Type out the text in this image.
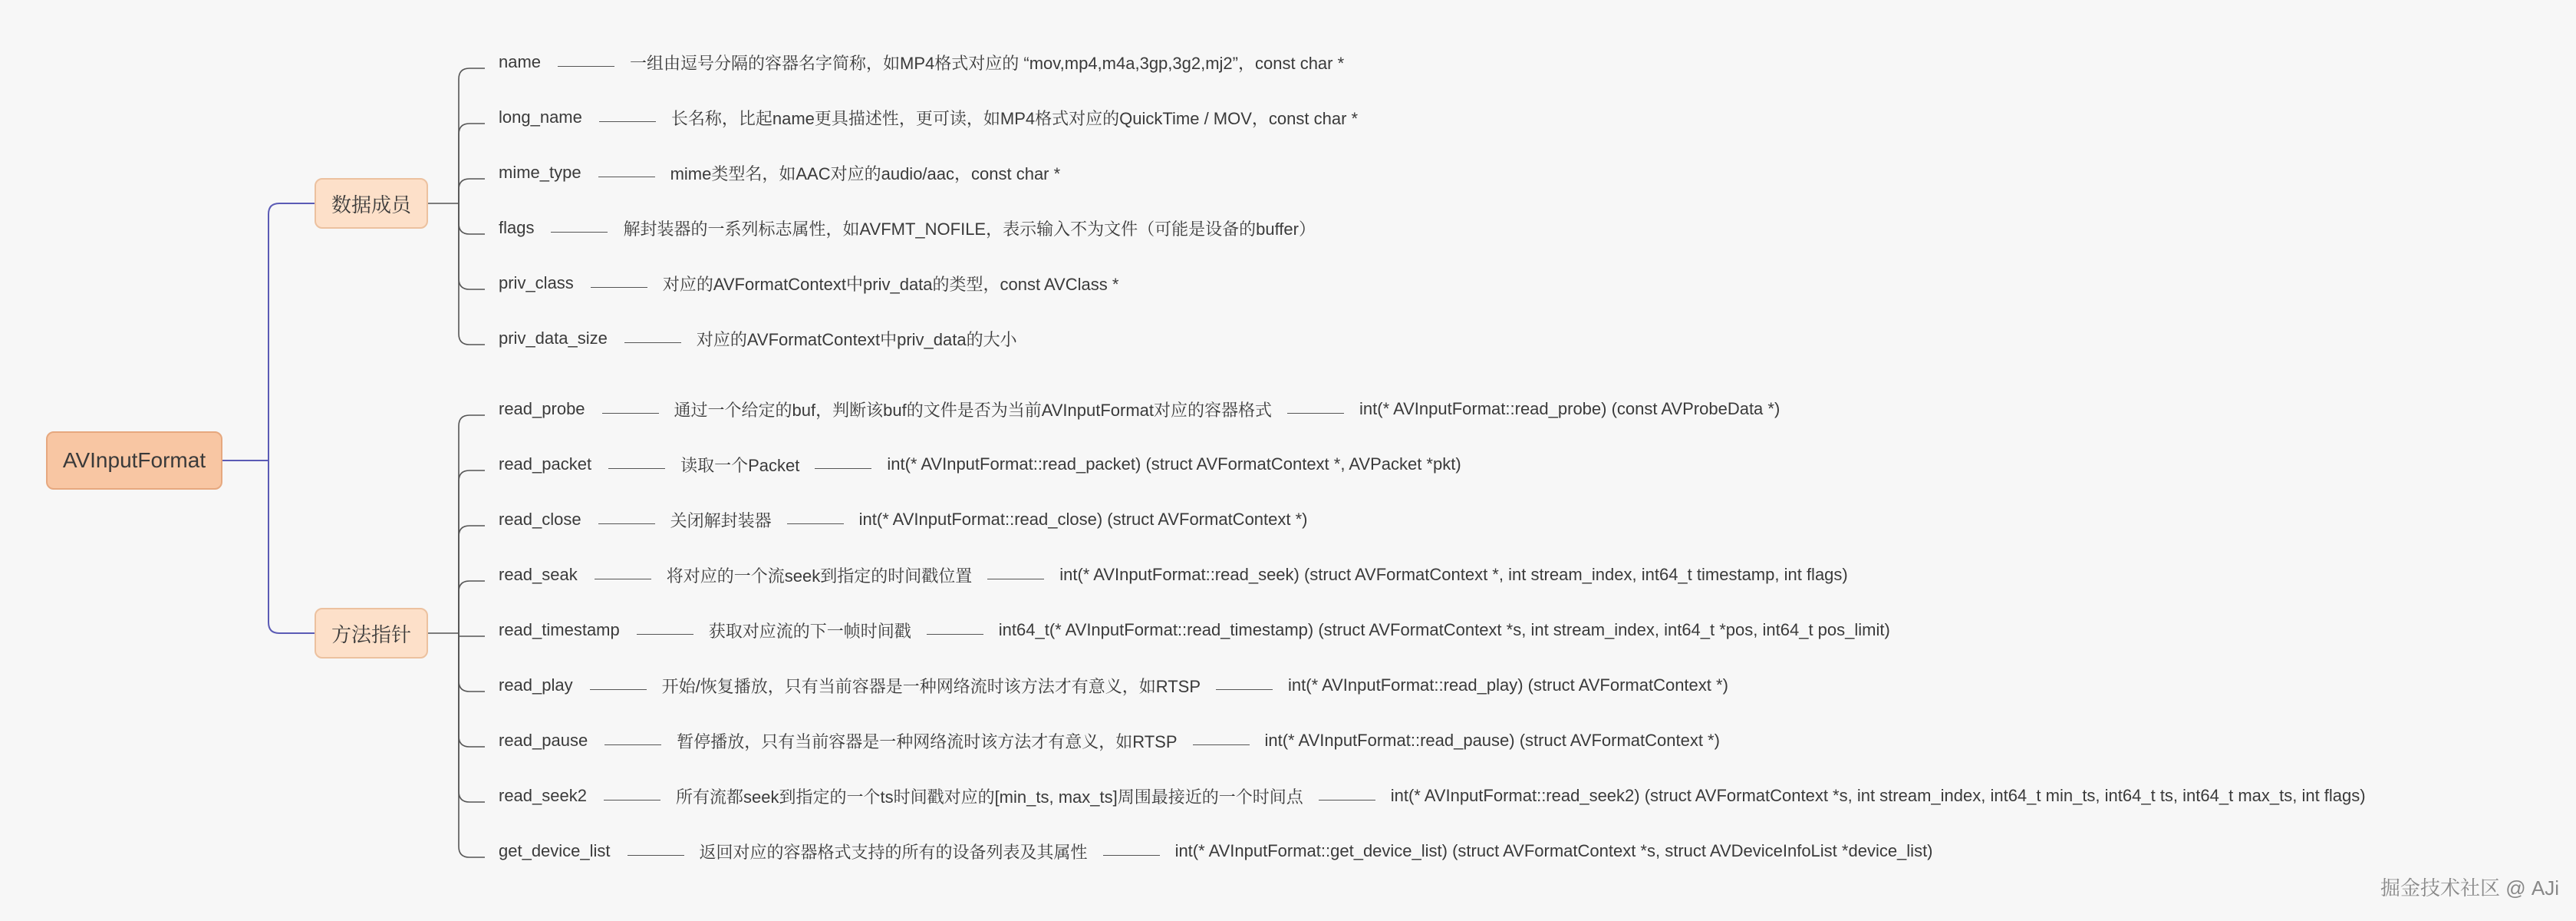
AVInputFormat
数据成员
方法指针
name	一组由逗号分隔的容器名字简称，如MP4格式对应的 “mov,mp4,m4a,3gp,3g2,mj2”，const char *
long_name	长名称，比起name更具描述性，更可读，如MP4格式对应的QuickTime / MOV，const char *
mime_type	mime类型名，如AAC对应的audio/aac，const char *
flags	解封装器的一系列标志属性，如AVFMT_NOFILE，表示输入不为文件（可能是设备的buffer）
priv_class	对应的AVFormatContext中priv_data的类型，const AVClass *
priv_data_size	对应的AVFormatContext中priv_data的大小
read_probe	通过一个给定的buf，判断该buf的文件是否为当前AVInputFormat对应的容器格式	int(* AVInputFormat::read_probe) (const AVProbeData *)
read_packet	读取一个Packet	int(* AVInputFormat::read_packet) (struct AVFormatContext *, AVPacket *pkt)
read_close	关闭解封装器	int(* AVInputFormat::read_close) (struct AVFormatContext *)
read_seak	将对应的一个流seek到指定的时间戳位置	int(* AVInputFormat::read_seek) (struct AVFormatContext *, int stream_index, int64_t timestamp, int flags)
read_timestamp	获取对应流的下一帧时间戳	int64_t(* AVInputFormat::read_timestamp) (struct AVFormatContext *s, int stream_index, int64_t *pos, int64_t pos_limit)
read_play	开始/恢复播放，只有当前容器是一种网络流时该方法才有意义，如RTSP	int(* AVInputFormat::read_play) (struct AVFormatContext *)
read_pause	暂停播放，只有当前容器是一种网络流时该方法才有意义，如RTSP	int(* AVInputFormat::read_pause) (struct AVFormatContext *)
read_seek2	所有流都seek到指定的一个ts时间戳对应的[min_ts, max_ts]周围最接近的一个时间点	int(* AVInputFormat::read_seek2) (struct AVFormatContext *s, int stream_index, int64_t min_ts, int64_t ts, int64_t max_ts, int flags)
get_device_list	返回对应的容器格式支持的所有的设备列表及其属性	int(* AVInputFormat::get_device_list) (struct AVFormatContext *s, struct AVDeviceInfoList *device_list)
掘金技术社区 @ AJi
